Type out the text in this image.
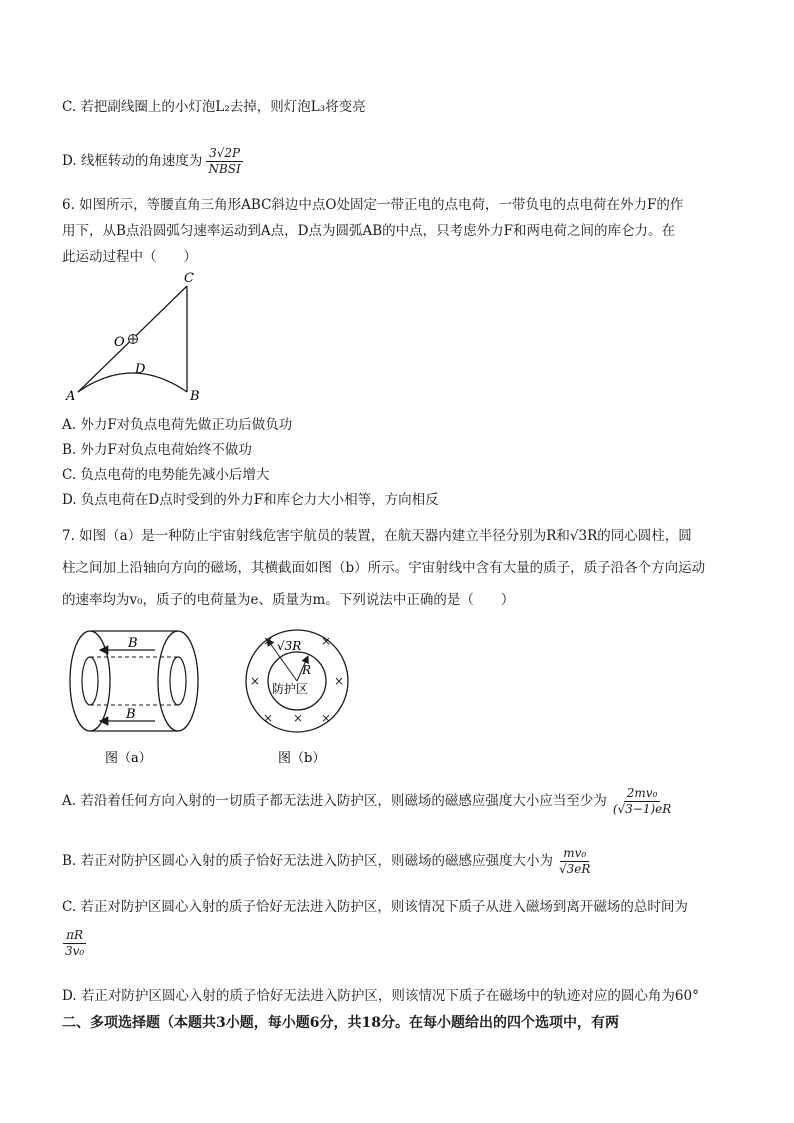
C. 若把副线圈上的小灯泡L₂去掉，则灯泡L₃将变亮
D. 线框转动的角速度为 $\frac{3√2P}{\text{NBSI}}$
6. 如图所示，等腰直角三角形ABC斜边中点O处固定一带正电的点电荷，一带负电的点电荷在外力F的作
用下，从B点沿圆弧匀速率运动到A点，D点为圆弧AB的中点，只考虑外力F和两电荷之间的库仑力。在
此运动过程中（　　）
C
O
D
A	B
A. 外力F对负点电荷先做正功后做负功
B. 外力F对负点电荷始终不做功
C. 负点电荷的电势能先减小后增大
D. 负点电荷在D点时受到的外力F和库仑力大小相等，方向相反
7. 如图（a）是一种防止宇宙射线危害宇航员的装置，在航天器内建立半径分别为R和√3R的同心圆柱，圆
柱之间加上沿轴向方向的磁场，其横截面如图（b）所示。宇宙射线中含有大量的质子，质子沿各个方向运动
的速率均为v₀，质子的电荷量为e、质量为m。下列说法中正确的是（　　）
B
B
图（a）
√3R
R
防护区
×	×
×	×
× × ×
图（b）
A. 若沿着任何方向入射的一切质子都无法进入防护区，则磁场的磁感应强度大小应当至少为 $\frac{\text{2mv₀}}{(√3-1)eR}$
B. 若正对防护区圆心入射的质子恰好无法进入防护区，则磁场的磁感应强度大小为 $\frac{\text{mv₀}}{√3eR}$
C. 若正对防护区圆心入射的质子恰好无法进入防护区，则该情况下质子从进入磁场到离开磁场的总时间为
$\frac{\pi R}{\text{3v₀}}$
D. 若正对防护区圆心入射的质子恰好无法进入防护区，则该情况下质子在磁场中的轨迹对应的圆心角为60°
二、多项选择题（本题共3小题，每小题6分，共18分。在每小题给出的四个选项中，有两
